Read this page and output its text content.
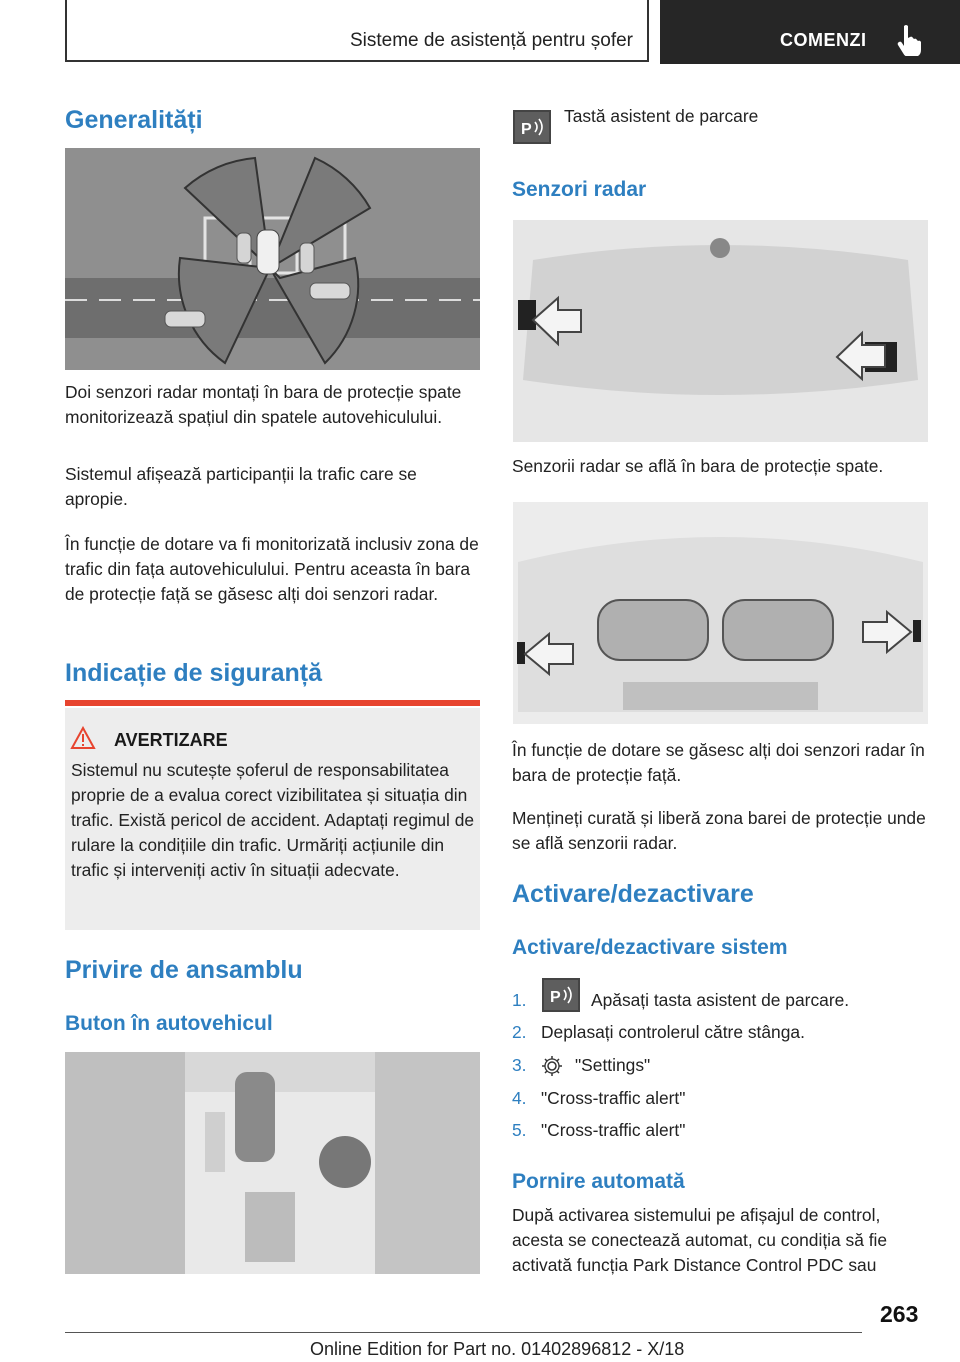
Sisteme de asistență pentru șofer	COMENZI
Generalități
Doi senzori radar montați în bara de protecție spate monitorizează spațiul din spatele autovehiculului.
Sistemul afișează participanții la trafic care se apropie.
În funcție de dotare va fi monitorizată inclusiv zona de trafic din fața autovehiculului. Pentru aceasta în bara de protecție față se găsesc alți doi senzori radar.
Indicație de siguranță
AVERTIZARE
Sistemul nu scutește șoferul de responsabilitatea proprie de a evalua corect vizibilitatea și situația din trafic. Există pericol de accident. Adaptați regimul de rulare la condițiile din trafic. Urmăriți acțiunile din trafic și interveniți activ în situații adecvate.
Privire de ansamblu
Buton în autovehicul
P
Tastă asistent de parcare
Senzori radar
Senzorii radar se află în bara de protecție spate.
În funcție de dotare se găsesc alți doi senzori radar în bara de protecție față.
Mențineți curată și liberă zona barei de protecție unde se află senzorii radar.
Activare/dezactivare
Activare/dezactivare sistem
1. P Apăsați tasta asistent de parcare.
2. Deplasați controlerul către stânga.
3.	"Settings"
4. "Cross-traffic alert"
5. "Cross-traffic alert"
Pornire automată
După activarea sistemului pe afișajul de control, acesta se conectează automat, cu condiția să fie activată funcția Park Distance Control PDC sau
263
Online Edition for Part no. 01402896812 - X/18
